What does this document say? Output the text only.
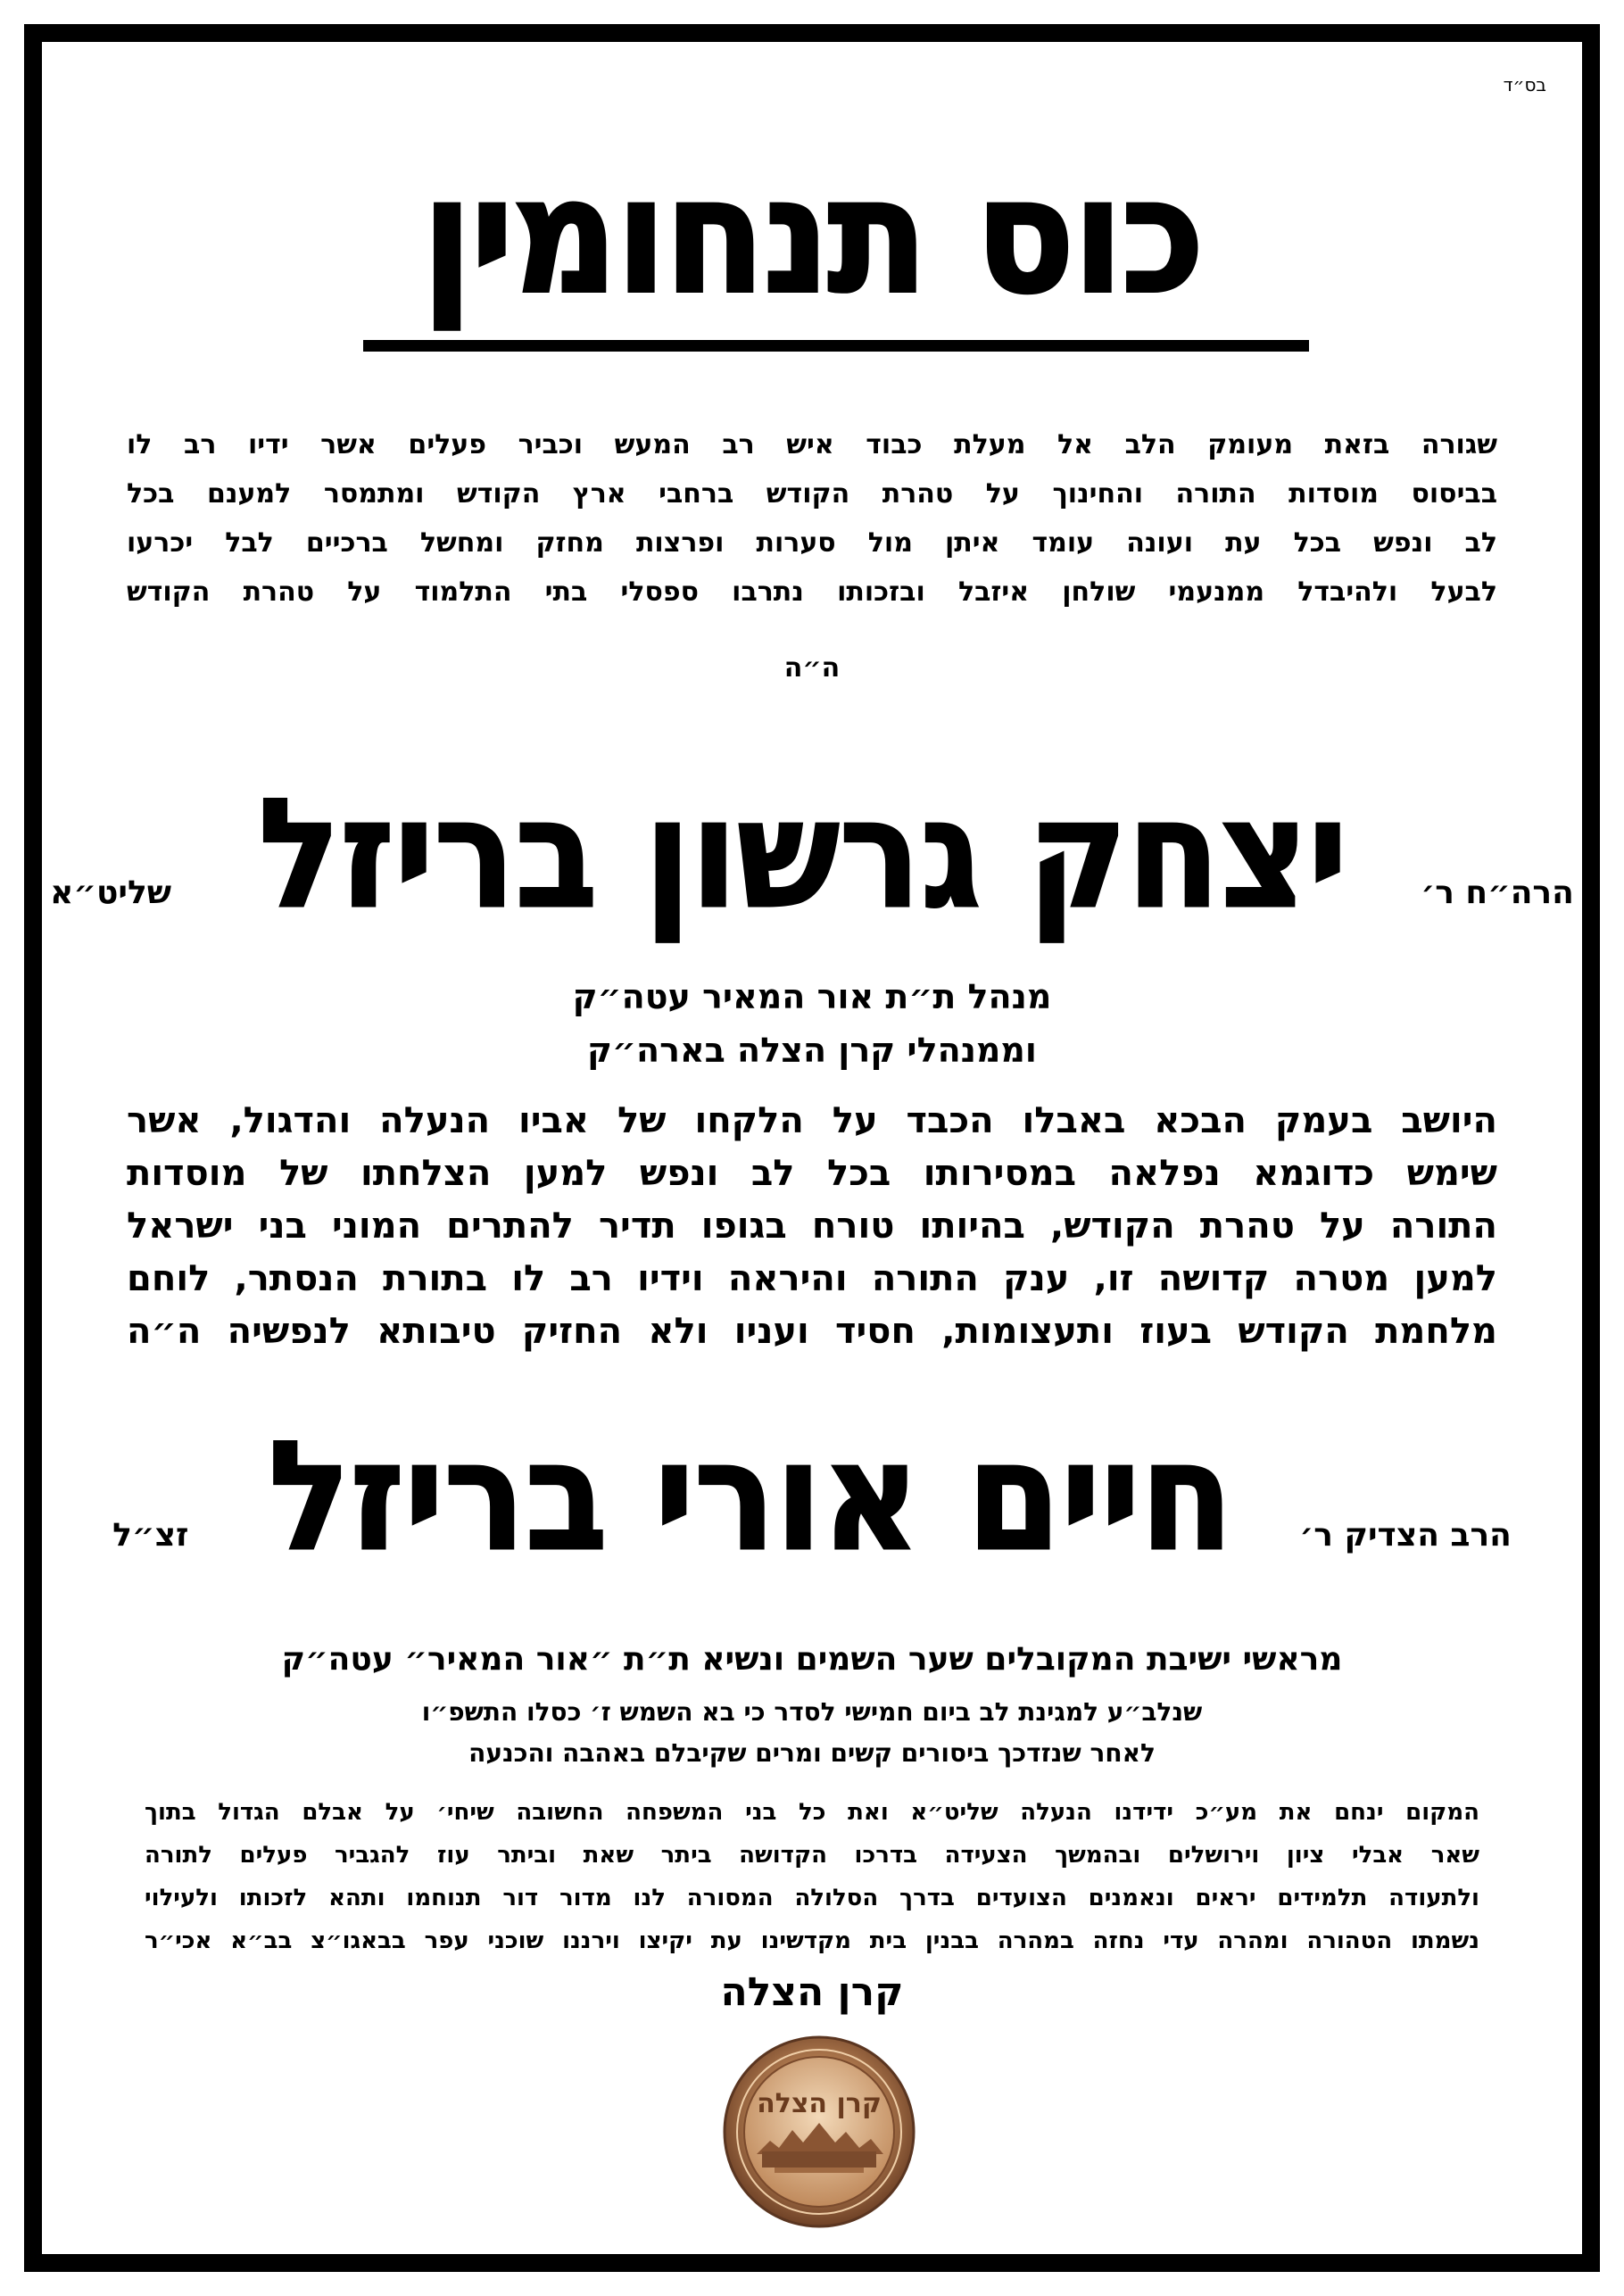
בס״ד
כוס תנחומין
שגורה בזאת מעומק הלב אל מעלת כבוד איש רב המעש וכביר פעלים אשר ידיו רב לו
בביסוס מוסדות התורה והחינוך על טהרת הקודש ברחבי ארץ הקודש ומתמסר למענם בכל
לב ונפש בכל עת ועונה עומד איתן מול סערות ופרצות מחזק ומחשל ברכיים לבל יכרעו
לבעל ולהיבדל ממנעמי שולחן איזבל ובזכותו נתרבו ספסלי בתי התלמוד על טהרת הקודש
ה״ה
הרה״ח ר׳
יצחק גרשון בריזל
שליט״א
מנהל ת״ת אור המאיר עטה״ק
וממנהלי קרן הצלה בארה״ק
היושב בעמק הבכא באבלו הכבד על הלקחו של אביו הנעלה והדגול, אשר
שימש כדוגמא נפלאה במסירותו בכל לב ונפש למען הצלחתו של מוסדות
התורה על טהרת הקודש, בהיותו טורח בגופו תדיר להתרים המוני בני ישראל
למען מטרה קדושה זו, ענק התורה והיראה וידיו רב לו בתורת הנסתר, לוחם
מלחמת הקודש בעוז ותעצומות, חסיד ועניו ולא החזיק טיבותא לנפשיה ה״ה
הרב הצדיק ר׳
חיים אורי בריזל
זצ״ל
מראשי ישיבת המקובלים שער השמים ונשיא ת״ת ״אור המאיר״ עטה״ק
שנלב״ע למגינת לב ביום חמישי לסדר כי בא השמש ז׳ כסלו התשפ״ו
לאחר שנזדכך ביסורים קשים ומרים שקיבלם באהבה והכנעה
המקום ינחם את מע״כ ידידנו הנעלה שליט״א ואת כל בני המשפחה החשובה שיחי׳ על אבלם הגדול בתוך
שאר אבלי ציון וירושלים ובהמשך הצעידה בדרכו הקדושה ביתר שאת וביתר עוז להגביר פעלים לתורה
ולתעודה תלמידים יראים ונאמנים הצועדים בדרך הסלולה המסורה לנו מדור דור תנוחמו ותהא לזכותו ולעילוי
נשמתו הטהורה ומהרה עדי נחזה במהרה בבנין בית מקדשינו עת יקיצו וירננו שוכני עפר בבאגו״צ בב״א אכי״ר
קרן הצלה
קרן הצלה
